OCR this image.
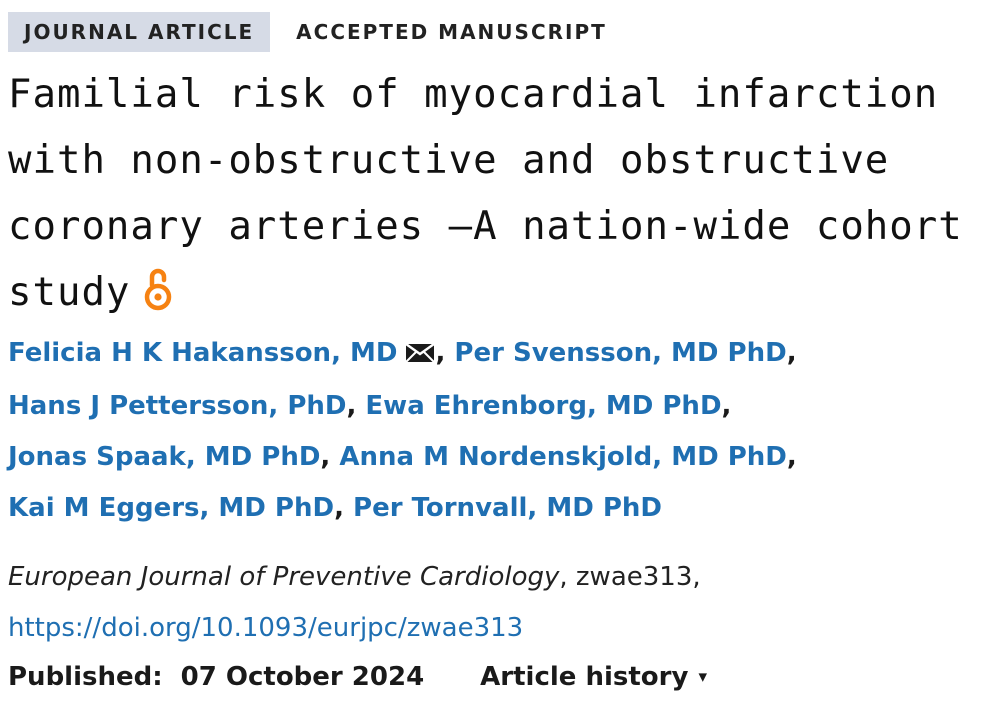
JOURNAL ARTICLE	ACCEPTED MANUSCRIPT
Familial risk of myocardial infarction with non-obstructive and obstructive coronary arteries –A nation-wide cohort study
Felicia H K Hakansson, MD , Per Svensson, MD PhD,
Hans J Pettersson, PhD, Ewa Ehrenborg, MD PhD,
Jonas Spaak, MD PhD, Anna M Nordenskjold, MD PhD,
Kai M Eggers, MD PhD, Per Tornvall, MD PhD
European Journal of Preventive Cardiology, zwae313,
https://doi.org/10.1093/eurjpc/zwae313
Published: 07 October 2024 Article history ▾
